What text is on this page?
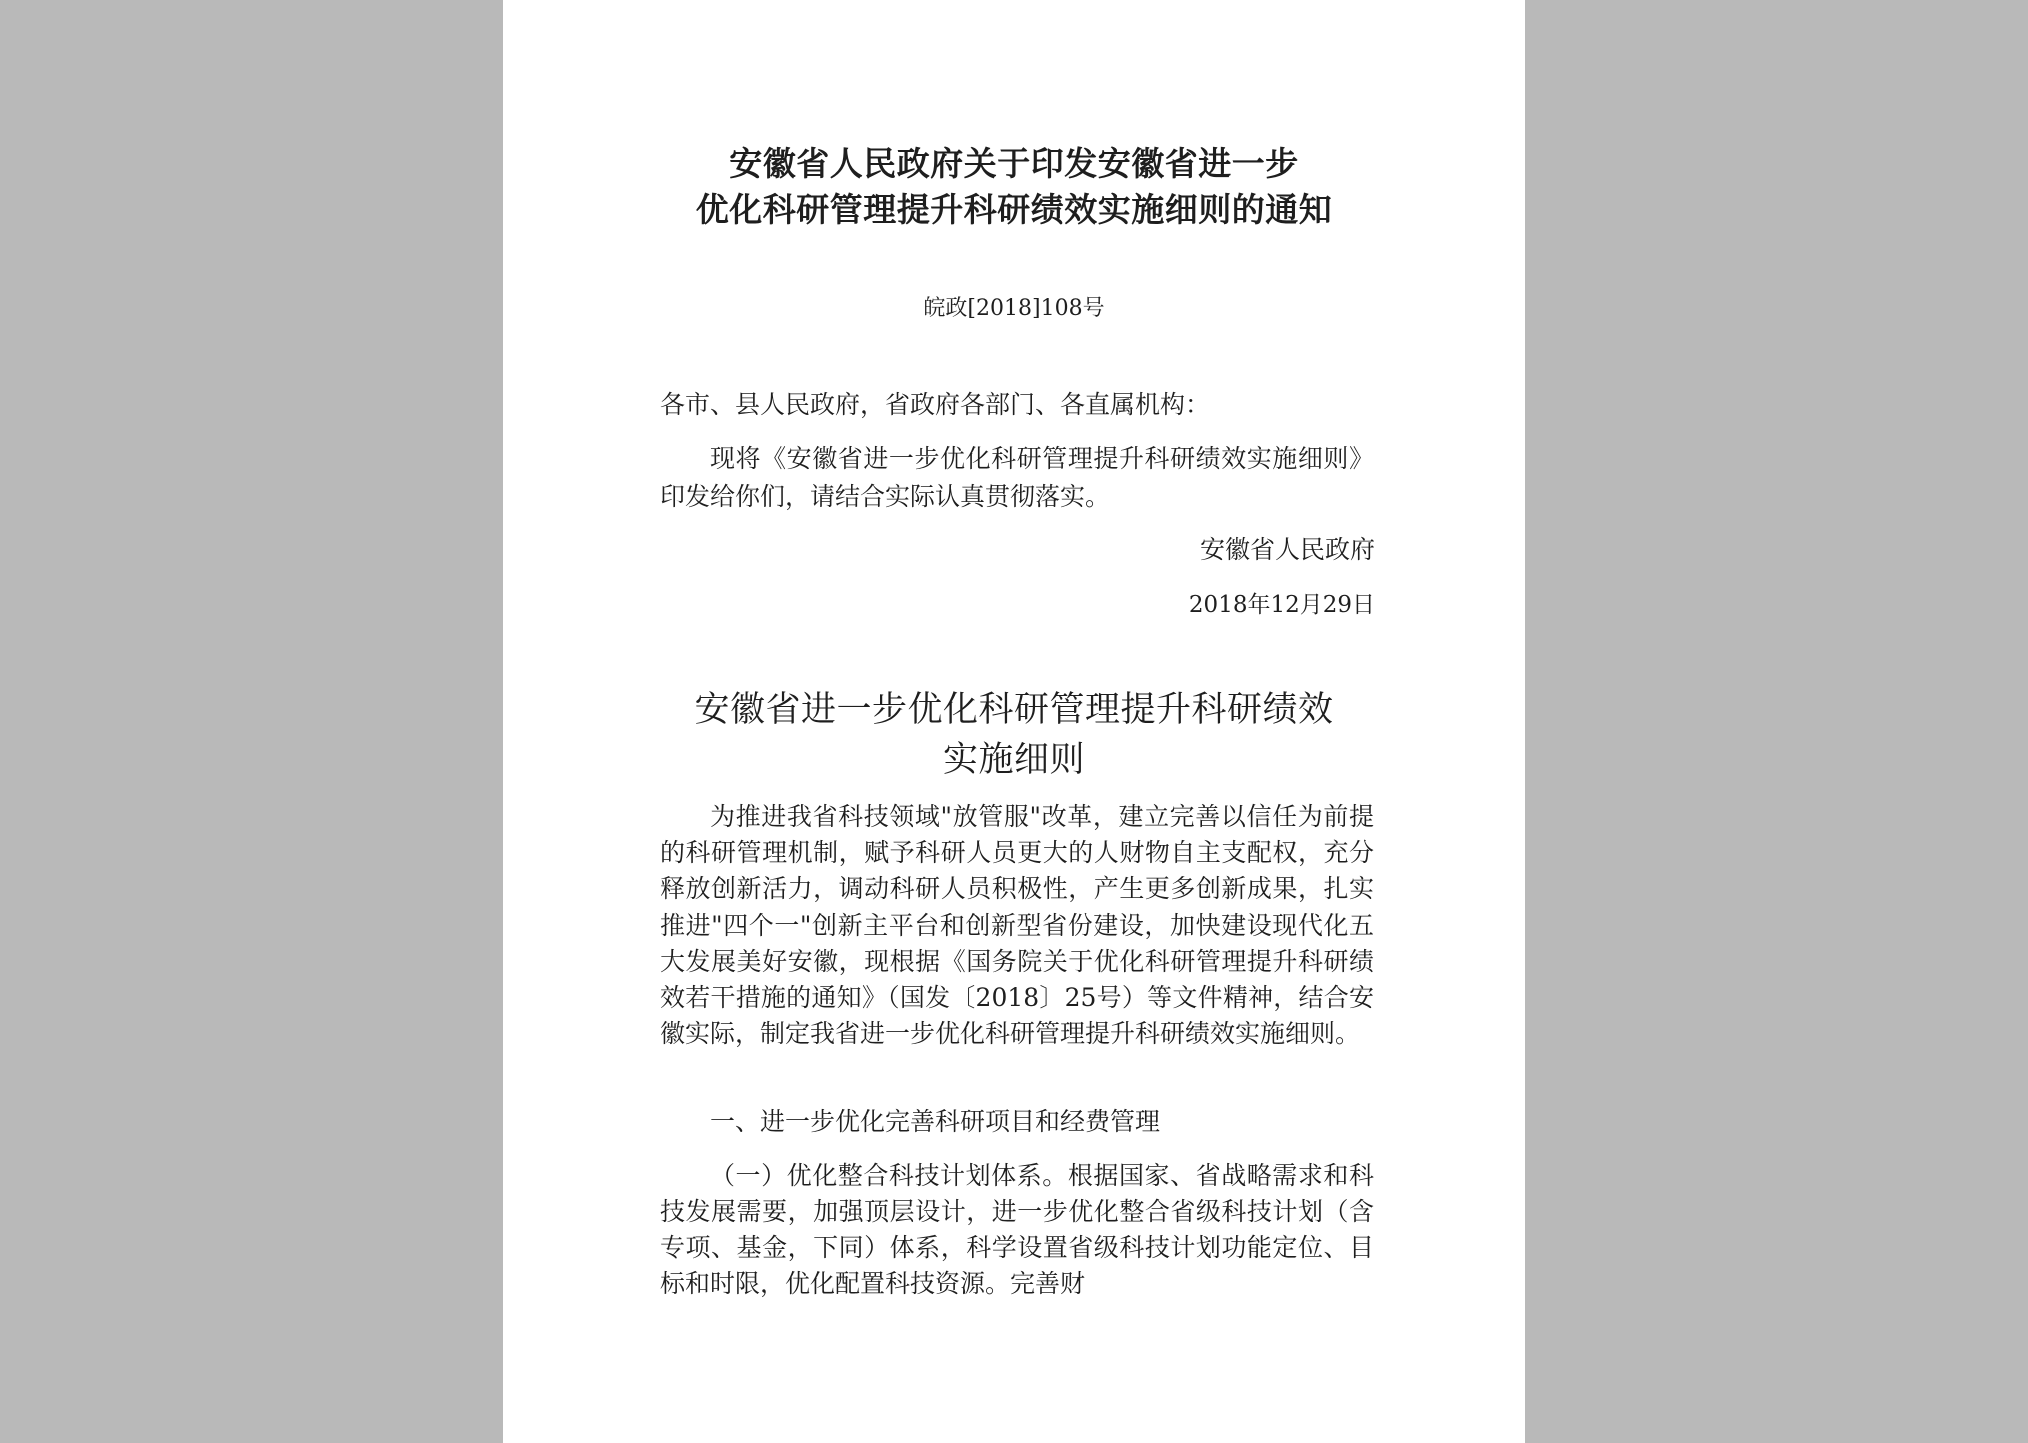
安徽省人民政府关于印发安徽省进一步
优化科研管理提升科研绩效实施细则的通知
皖政[2018]108号
各市、县人民政府，省政府各部门、各直属机构：
现将《安徽省进一步优化科研管理提升科研绩效实施细则》印发给你们，请结合实际认真贯彻落实。
安徽省人民政府
2018年12月29日
安徽省进一步优化科研管理提升科研绩效
实施细则
为推进我省科技领域"放管服"改革，建立完善以信任为前提的科研管理机制，赋予科研人员更大的人财物自主支配权，充分释放创新活力，调动科研人员积极性，产生更多创新成果，扎实推进"四个一"创新主平台和创新型省份建设，加快建设现代化五大发展美好安徽，现根据《国务院关于优化科研管理提升科研绩效若干措施的通知》（国发〔2018〕25号）等文件精神，结合安徽实际，制定我省进一步优化科研管理提升科研绩效实施细则。
一、进一步优化完善科研项目和经费管理
（一）优化整合科技计划体系。根据国家、省战略需求和科技发展需要，加强顶层设计，进一步优化整合省级科技计划（含专项、基金，下同）体系，科学设置省级科技计划功能定位、目标和时限，优化配置科技资源。完善财
